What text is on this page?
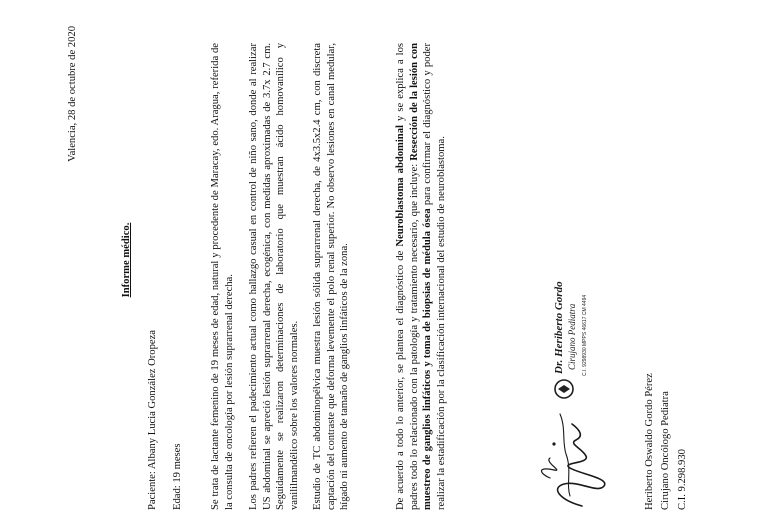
Valencia, 28 de octubre de 2020
Informe médico.
Paciente: Albany Lucia González Oropeza Edad: 19 meses	Se trata de lactante femenino de 19 meses de edad, natural y procedente de Maracay, edo. Aragua, referida de la consulta de oncología por lesión suprarrenal derecha. Los padres refieren el padecimiento actual como hallazgo casual en control de niño sano, donde al realizar US abdominal se apreció lesión suprarrenal derecha, ecogénica, con medidas aproximadas de 3.7x 2.7 cm. Seguidamente se realizaron determinaciones de laboratorio que muestran ácido homovanílico y vanililmandélico sobre los valores normales. Estudio de TC abdominopélvica muestra lesión sólida suprarrenal derecha, de 4x3.5x2.4 cm, con discreta captación del contraste que deforma levemente el polo renal superior. No observo lesiones en canal medular, hígado ni aumento de tamaño de ganglios linfáticos de la zona.	De acuerdo a todo lo anterior, se plantea el diagnóstico de Neuroblastoma abdominal y se explica a los padres todo lo relacionado con la patología y tratamiento necesario, que incluye: Resección de la lesión con muestreo de ganglios linfáticos y toma de biopsias de médula ósea para confirmar el diagnóstico y poder realizar la estadificación por la clasificación internacional del estudio de neuroblastoma.	Dr. Heriberto Gordo Cirujano Pediatra C.I. 9298930 MPPS 46617 CM 4494
Heriberto Oswaldo Gordo Pérez Cirujano Oncólogo Pediatra C.I. 9.298.930
